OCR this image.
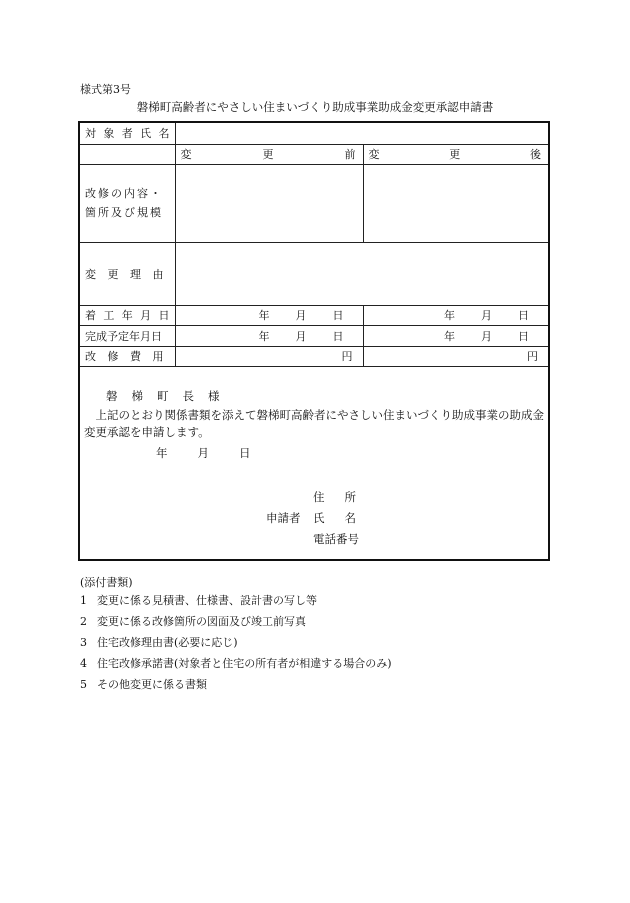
様式第3号
磐梯町高齢者にやさしい住まいづくり助成事業助成金変更承認申請書
対 象 者 氏 名		

	変 更 前	変 更 後

改修の内容・箇所及び規模		

変 更 理 由		

着 工 年 月 日	年 月 日	年 月 日

完成予定年月日	年 月 日	年 月 日

改 修 費 用	円	円
磐梯町長様
上記のとおり関係書類を添えて磐梯町高齢者にやさしい住まいづくり助成事業の助成金変更承認を申請します。
年	月	日
住所
申請者 氏名
電話番号
(添付書類)
1 変更に係る見積書、仕様書、設計書の写し等
2 変更に係る改修箇所の図面及び竣工前写真
3 住宅改修理由書(必要に応じ)
4 住宅改修承諾書(対象者と住宅の所有者が相違する場合のみ)
5 その他変更に係る書類
